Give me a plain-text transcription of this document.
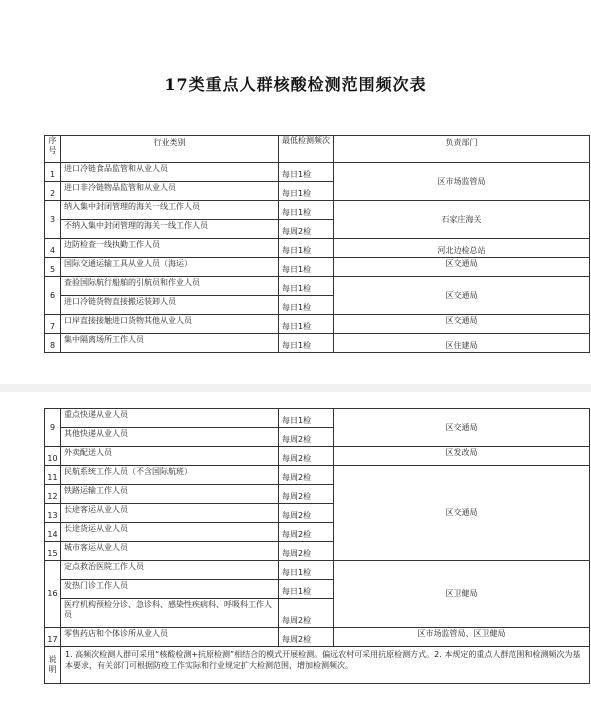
17类重点人群核酸检测范围频次表
序号	行业类别	最低检测频次	负责部门
1	进口冷链食品监管和从业人员	每日1检	区市场监管局
2	进口非冷链物品监管和从业人员	每日1检	
3	纳入集中封闭管理的海关一线工作人员	每日1检	石家庄海关
	不纳入集中封闭管理的海关一线工作人员	每周2检	
4	边防检查一线执勤工作人员	每日1检	河北边检总站
5	国际交通运输工具从业人员（海运）	每日1检	区交通局
6	查验国际航行船舶的引航员和作业人员	每日1检	区交通局
	进口冷链货物直接搬运装卸人员	每日1检	
7	口岸直接接触进口货物其他从业人员	每日1检	区交通局
8	集中隔离场所工作人员	每日1检	区住建局
9	重点快递从业人员	每日1检	区交通局
	其他快递从业人员	每周2检	
10	外卖配送人员	每周2检	区发改局
11	民航系统工作人员（不含国际航班）	每周2检	区交通局
12	铁路运输工作人员	每周2检	
13	长途客运从业人员	每周2检	
14	长途货运从业人员	每周2检	
15	城市客运从业人员	每周2检	
16	定点救治医院工作人员	每日1检	区卫健局
	发热门诊工作人员	每日1检	
	医疗机构预检分诊、急诊科、感染性疾病科、呼吸科工作人员	每周2检	
17	零售药店和个体诊所从业人员	每周2检	区市场监管局、区卫健局
说明	1. 高频次检测人群可采用“核酸检测+抗原检测”相结合的模式开展检测。偏远农村可采用抗原检测方式。2. 本规定的重点人群范围和检测频次为基本要求，有关部门可根据防疫工作实际和行业规定扩大检测范围，增加检测频次。		
